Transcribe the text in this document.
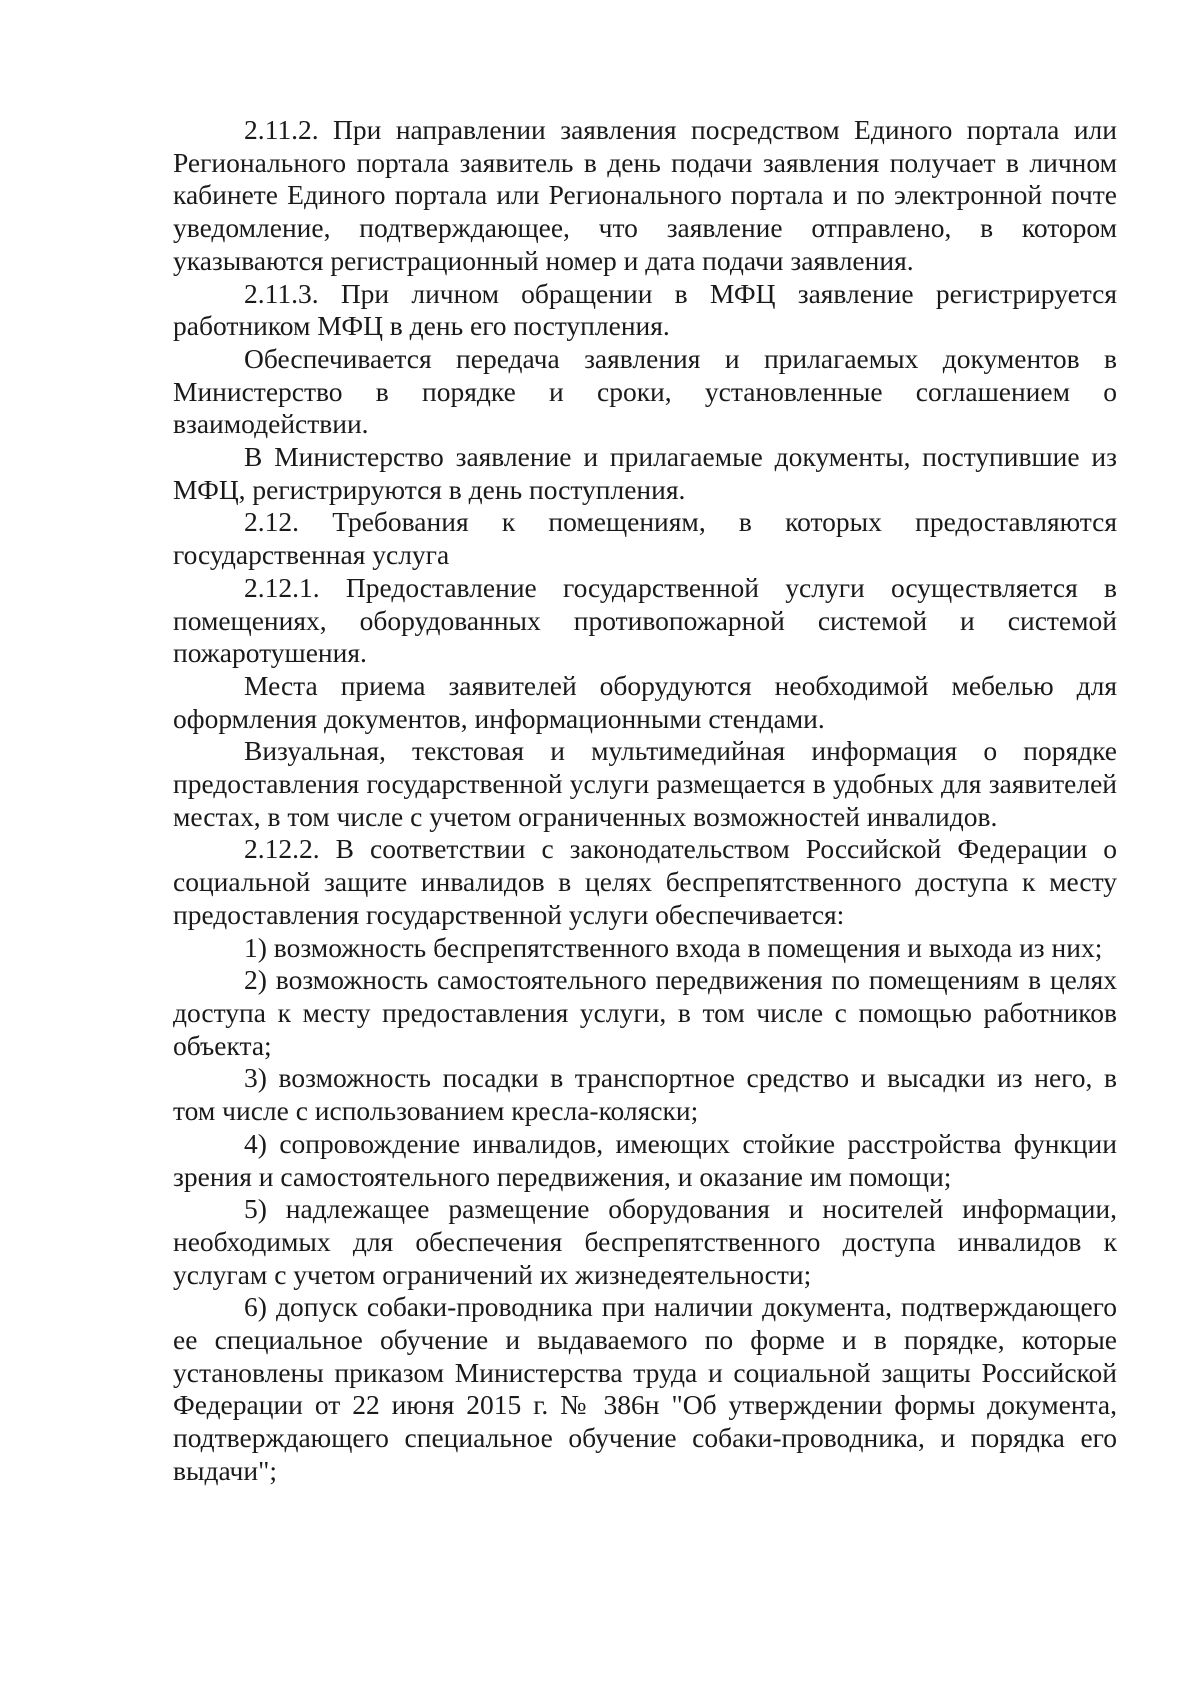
2.11.2. При направлении заявления посредством Единого портала или Регионального портала заявитель в день подачи заявления получает в личном кабинете Единого портала или Регионального портала и по электронной почте уведомление, подтверждающее, что заявление отправлено, в котором указываются регистрационный номер и дата подачи заявления.

2.11.3. При личном обращении в МФЦ заявление регистрируется работником МФЦ в день его поступления.

Обеспечивается передача заявления и прилагаемых документов в Министерство в порядке и сроки, установленные соглашением о взаимодействии.

В Министерство заявление и прилагаемые документы, поступившие из МФЦ, регистрируются в день поступления.

2.12. Требования к помещениям, в которых предоставляются государственная услуга

2.12.1. Предоставление государственной услуги осуществляется в помещениях, оборудованных противопожарной системой и системой пожаротушения.

Места приема заявителей оборудуются необходимой мебелью для оформления документов, информационными стендами.

Визуальная, текстовая и мультимедийная информация о порядке предоставления государственной услуги размещается в удобных для заявителей местах, в том числе с учетом ограниченных возможностей инвалидов.

2.12.2. В соответствии с законодательством Российской Федерации о социальной защите инвалидов в целях беспрепятственного доступа к месту предоставления государственной услуги обеспечивается:

1) возможность беспрепятственного входа в помещения и выхода из них;

2) возможность самостоятельного передвижения по помещениям в целях доступа к месту предоставления услуги, в том числе с помощью работников объекта;

3) возможность посадки в транспортное средство и высадки из него, в том числе с использованием кресла-коляски;

4) сопровождение инвалидов, имеющих стойкие расстройства функции зрения и самостоятельного передвижения, и оказание им помощи;

5) надлежащее размещение оборудования и носителей информации, необходимых для обеспечения беспрепятственного доступа инвалидов к услугам с учетом ограничений их жизнедеятельности;

6) допуск собаки-проводника при наличии документа, подтверждающего ее специальное обучение и выдаваемого по форме и в порядке, которые установлены приказом Министерства труда и социальной защиты Российской Федерации от 22 июня 2015 г. № 386н "Об утверждении формы документа, подтверждающего специальное обучение собаки-проводника, и порядка его выдачи";
